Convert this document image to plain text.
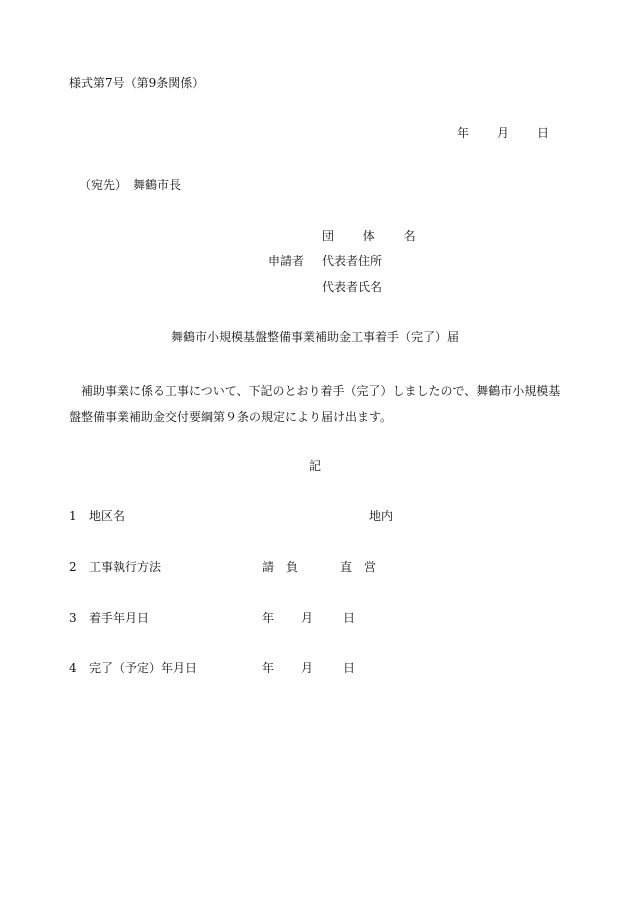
様式第7号（第9条関係）
年 月 日
（宛先）　舞鶴市長
団　体　名
申請者 代表者住所
代表者氏名
舞鶴市小規模基盤整備事業補助金工事着手（完了）届
補助事業に係る工事について、下記のとおり着手（完了）しましたので、舞鶴市小規模基盤整備事業補助金交付要綱第９条の規定により届け出ます。
記
1 地区名	地内
2 工事執行方法	請　負	直　営
3 着手年月日	年 月 日
4 完了（予定）年月日	年 月 日
